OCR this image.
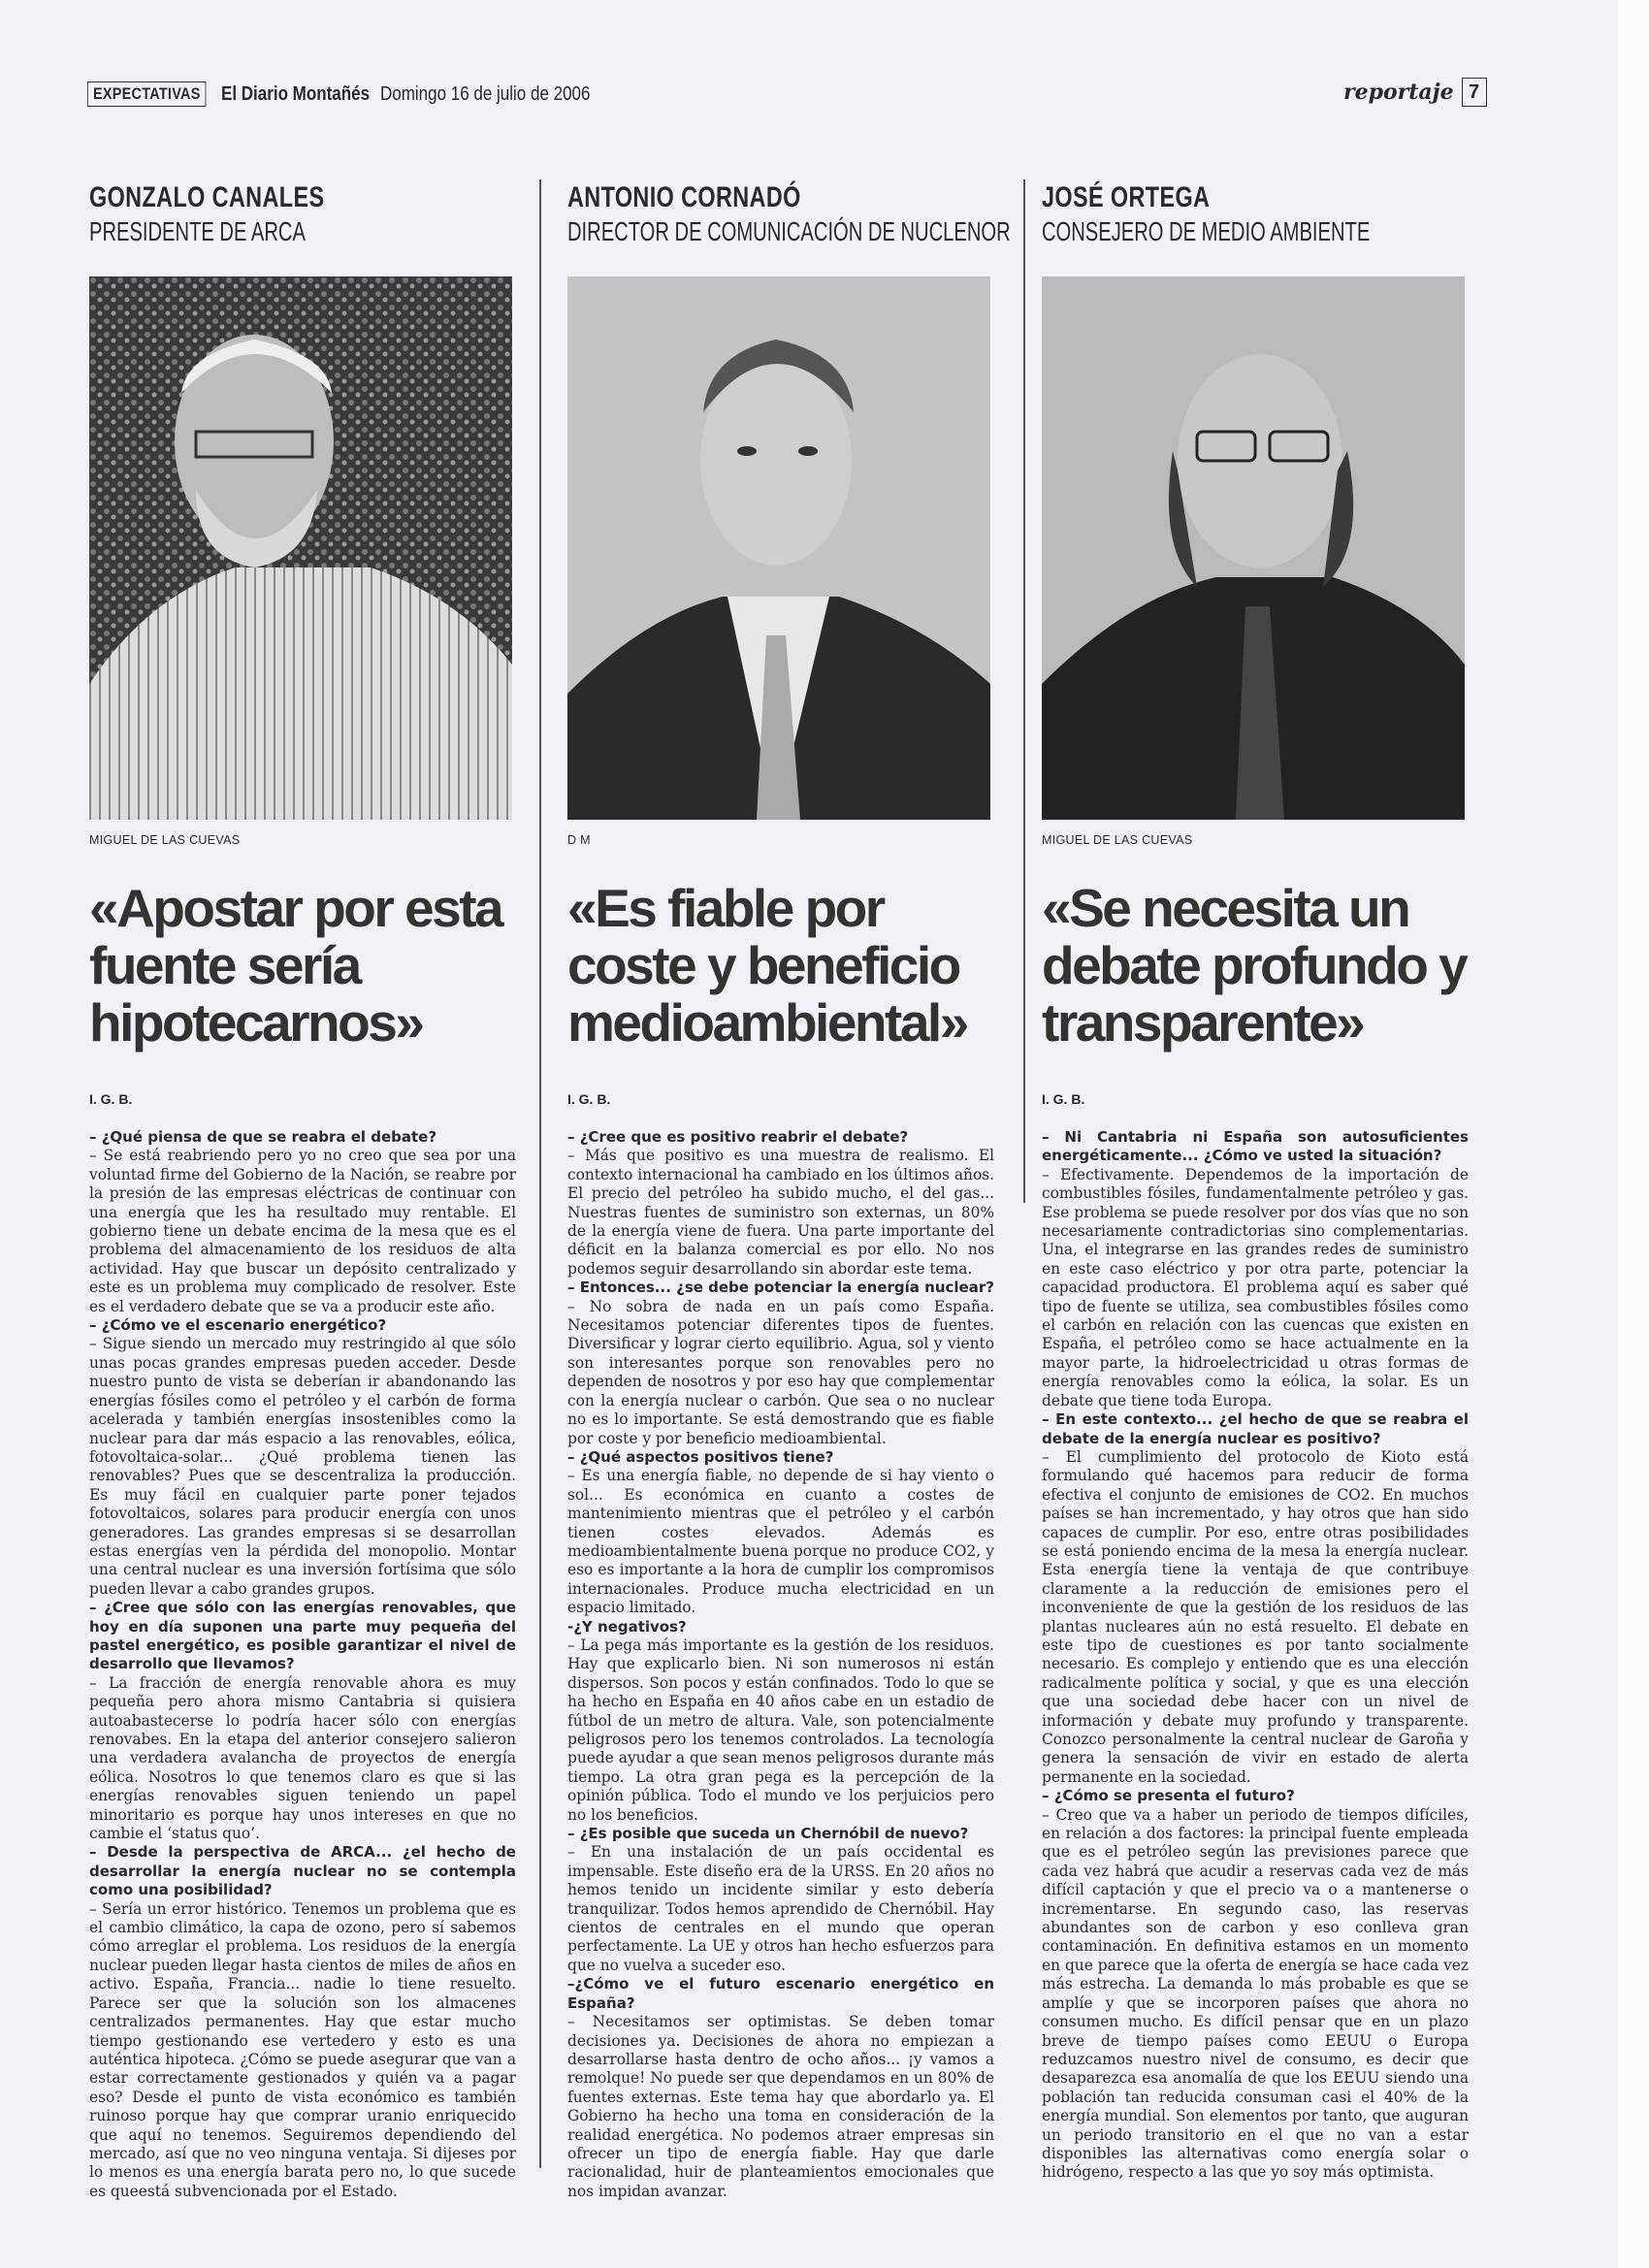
EXPECTATIVAS El Diario Montañés Domingo 16 de julio de 2006	reportaje 7
GONZALO CANALES
PRESIDENTE DE ARCA
MIGUEL DE LAS CUEVAS
«Apostar por esta fuente sería hipotecarnos»
I. G. B.
– ¿Qué piensa de que se reabra el debate?
– Se está reabriendo pero yo no creo que sea por una voluntad firme del Gobierno de la Nación, se reabre por la presión de las empresas eléctricas de continuar con una energía que les ha resultado muy rentable. El gobierno tiene un debate encima de la mesa que es el problema del almacenamiento de los residuos de alta actividad. Hay que buscar un depósito centralizado y este es un problema muy complicado de resolver. Este es el verdadero debate que se va a producir este año.
– ¿Cómo ve el escenario energético?
– Sigue siendo un mercado muy restringido al que sólo unas pocas grandes empresas pueden acceder. Desde nuestro punto de vista se deberían ir abandonando las energías fósiles como el petróleo y el carbón de forma acelerada y también energías insostenibles como la nuclear para dar más espacio a las renovables, eólica, fotovoltaica-solar... ¿Qué problema tienen las renovables? Pues que se descentraliza la producción. Es muy fácil en cualquier parte poner tejados fotovoltaicos, solares para producir energía con unos generadores. Las grandes empresas si se desarrollan estas energías ven la pérdida del monopolio. Montar una central nuclear es una inversión fortísima que sólo pueden llevar a cabo grandes grupos.
– ¿Cree que sólo con las energías renovables, que hoy en día suponen una parte muy pequeña del pastel energético, es posible garantizar el nivel de desarrollo que llevamos?
– La fracción de energía renovable ahora es muy pequeña pero ahora mismo Cantabria si quisiera autoabastecerse lo podría hacer sólo con energías renovabes. En la etapa del anterior consejero salieron una verdadera avalancha de proyectos de energía eólica. Nosotros lo que tenemos claro es que si las energías renovables siguen teniendo un papel minoritario es porque hay unos intereses en que no cambie el ‘status quo’.
– Desde la perspectiva de ARCA... ¿el hecho de desarrollar la energía nuclear no se contempla como una posibilidad?
– Sería un error histórico. Tenemos un problema que es el cambio climático, la capa de ozono, pero sí sabemos cómo arreglar el problema. Los residuos de la energía nuclear pueden llegar hasta cientos de miles de años en activo. España, Francia... nadie lo tiene resuelto. Parece ser que la solución son los almacenes centralizados permanentes. Hay que estar mucho tiempo gestionando ese vertedero y esto es una auténtica hipoteca. ¿Cómo se puede asegurar que van a estar correctamente gestionados y quién va a pagar eso? Desde el punto de vista económico es también ruinoso porque hay que comprar uranio enriquecido que aquí no tenemos. Seguiremos dependiendo del mercado, así que no veo ninguna ventaja. Si dijeses por lo menos es una energía barata pero no, lo que sucede es queestá subvencionada por el Estado.
ANTONIO CORNADÓ
DIRECTOR DE COMUNICACIÓN DE NUCLENOR
D M
«Es fiable por coste y beneficio medioambiental»
I. G. B.
– ¿Cree que es positivo reabrir el debate?
– Más que positivo es una muestra de realismo. El contexto internacional ha cambiado en los últimos años. El precio del petróleo ha subido mucho, el del gas... Nuestras fuentes de suministro son externas, un 80% de la energía viene de fuera. Una parte importante del déficit en la balanza comercial es por ello. No nos podemos seguir desarrollando sin abordar este tema.
– Entonces... ¿se debe potenciar la energía nuclear?
– No sobra de nada en un país como España. Necesitamos potenciar diferentes tipos de fuentes. Diversificar y lograr cierto equilibrio. Agua, sol y viento son interesantes porque son renovables pero no dependen de nosotros y por eso hay que complementar con la energía nuclear o carbón. Que sea o no nuclear no es lo importante. Se está demostrando que es fiable por coste y por beneficio medioambiental.
– ¿Qué aspectos positivos tiene?
– Es una energía fiable, no depende de si hay viento o sol... Es económica en cuanto a costes de mantenimiento mientras que el petróleo y el carbón tienen costes elevados. Además es medioambientalmente buena porque no produce CO2, y eso es importante a la hora de cumplir los compromisos internacionales. Produce mucha electricidad en un espacio limitado.
-¿Y negativos?
– La pega más importante es la gestión de los residuos. Hay que explicarlo bien. Ni son numerosos ni están dispersos. Son pocos y están confinados. Todo lo que se ha hecho en España en 40 años cabe en un estadio de fútbol de un metro de altura. Vale, son potencialmente peligrosos pero los tenemos controlados. La tecnología puede ayudar a que sean menos peligrosos durante más tiempo. La otra gran pega es la percepción de la opinión pública. Todo el mundo ve los perjuicios pero no los beneficios.
– ¿Es posible que suceda un Chernóbil de nuevo?
– En una instalación de un país occidental es impensable. Este diseño era de la URSS. En 20 años no hemos tenido un incidente similar y esto debería tranquilizar. Todos hemos aprendido de Chernóbil. Hay cientos de centrales en el mundo que operan perfectamente. La UE y otros han hecho esfuerzos para que no vuelva a suceder eso.
–¿Cómo ve el futuro escenario energético en España?
– Necesitamos ser optimistas. Se deben tomar decisiones ya. Decisiones de ahora no empiezan a desarrollarse hasta dentro de ocho años... ¡y vamos a remolque! No puede ser que dependamos en un 80% de fuentes externas. Este tema hay que abordarlo ya. El Gobierno ha hecho una toma en consideración de la realidad energética. No podemos atraer empresas sin ofrecer un tipo de energía fiable. Hay que darle racionalidad, huir de planteamientos emocionales que nos impidan avanzar.
JOSÉ ORTEGA
CONSEJERO DE MEDIO AMBIENTE
MIGUEL DE LAS CUEVAS
«Se necesita un debate profundo y transparente»
I. G. B.
– Ni Cantabria ni España son autosuficientes energéticamente... ¿Cómo ve usted la situación?
– Efectivamente. Dependemos de la importación de combustibles fósiles, fundamentalmente petróleo y gas. Ese problema se puede resolver por dos vías que no son necesariamente contradictorias sino complementarias. Una, el integrarse en las grandes redes de suministro en este caso eléctrico y por otra parte, potenciar la capacidad productora. El problema aquí es saber qué tipo de fuente se utiliza, sea combustibles fósiles como el carbón en relación con las cuencas que existen en España, el petróleo como se hace actualmente en la mayor parte, la hidroelectricidad u otras formas de energía renovables como la eólica, la solar. Es un debate que tiene toda Europa.
– En este contexto... ¿el hecho de que se reabra el debate de la energía nuclear es positivo?
– El cumplimiento del protocolo de Kioto está formulando qué hacemos para reducir de forma efectiva el conjunto de emisiones de CO2. En muchos países se han incrementado, y hay otros que han sido capaces de cumplir. Por eso, entre otras posibilidades se está poniendo encima de la mesa la energía nuclear. Esta energía tiene la ventaja de que contribuye claramente a la reducción de emisiones pero el inconveniente de que la gestión de los residuos de las plantas nucleares aún no está resuelto. El debate en este tipo de cuestiones es por tanto socialmente necesario. Es complejo y entiendo que es una elección radicalmente política y social, y que es una elección que una sociedad debe hacer con un nivel de información y debate muy profundo y transparente. Conozco personalmente la central nuclear de Garoña y genera la sensación de vivir en estado de alerta permanente en la sociedad.
– ¿Cómo se presenta el futuro?
– Creo que va a haber un periodo de tiempos difíciles, en relación a dos factores: la principal fuente empleada que es el petróleo según las previsiones parece que cada vez habrá que acudir a reservas cada vez de más difícil captación y que el precio va o a mantenerse o incrementarse. En segundo caso, las reservas abundantes son de carbon y eso conlleva gran contaminación. En definitiva estamos en un momento en que parece que la oferta de energía se hace cada vez más estrecha. La demanda lo más probable es que se amplíe y que se incorporen países que ahora no consumen mucho. Es difícil pensar que en un plazo breve de tiempo países como EEUU o Europa reduzcamos nuestro nivel de consumo, es decir que desaparezca esa anomalía de que los EEUU siendo una población tan reducida consuman casi el 40% de la energía mundial. Son elementos por tanto, que auguran un periodo transitorio en el que no van a estar disponibles las alternativas como energía solar o hidrógeno, respecto a las que yo soy más optimista.
